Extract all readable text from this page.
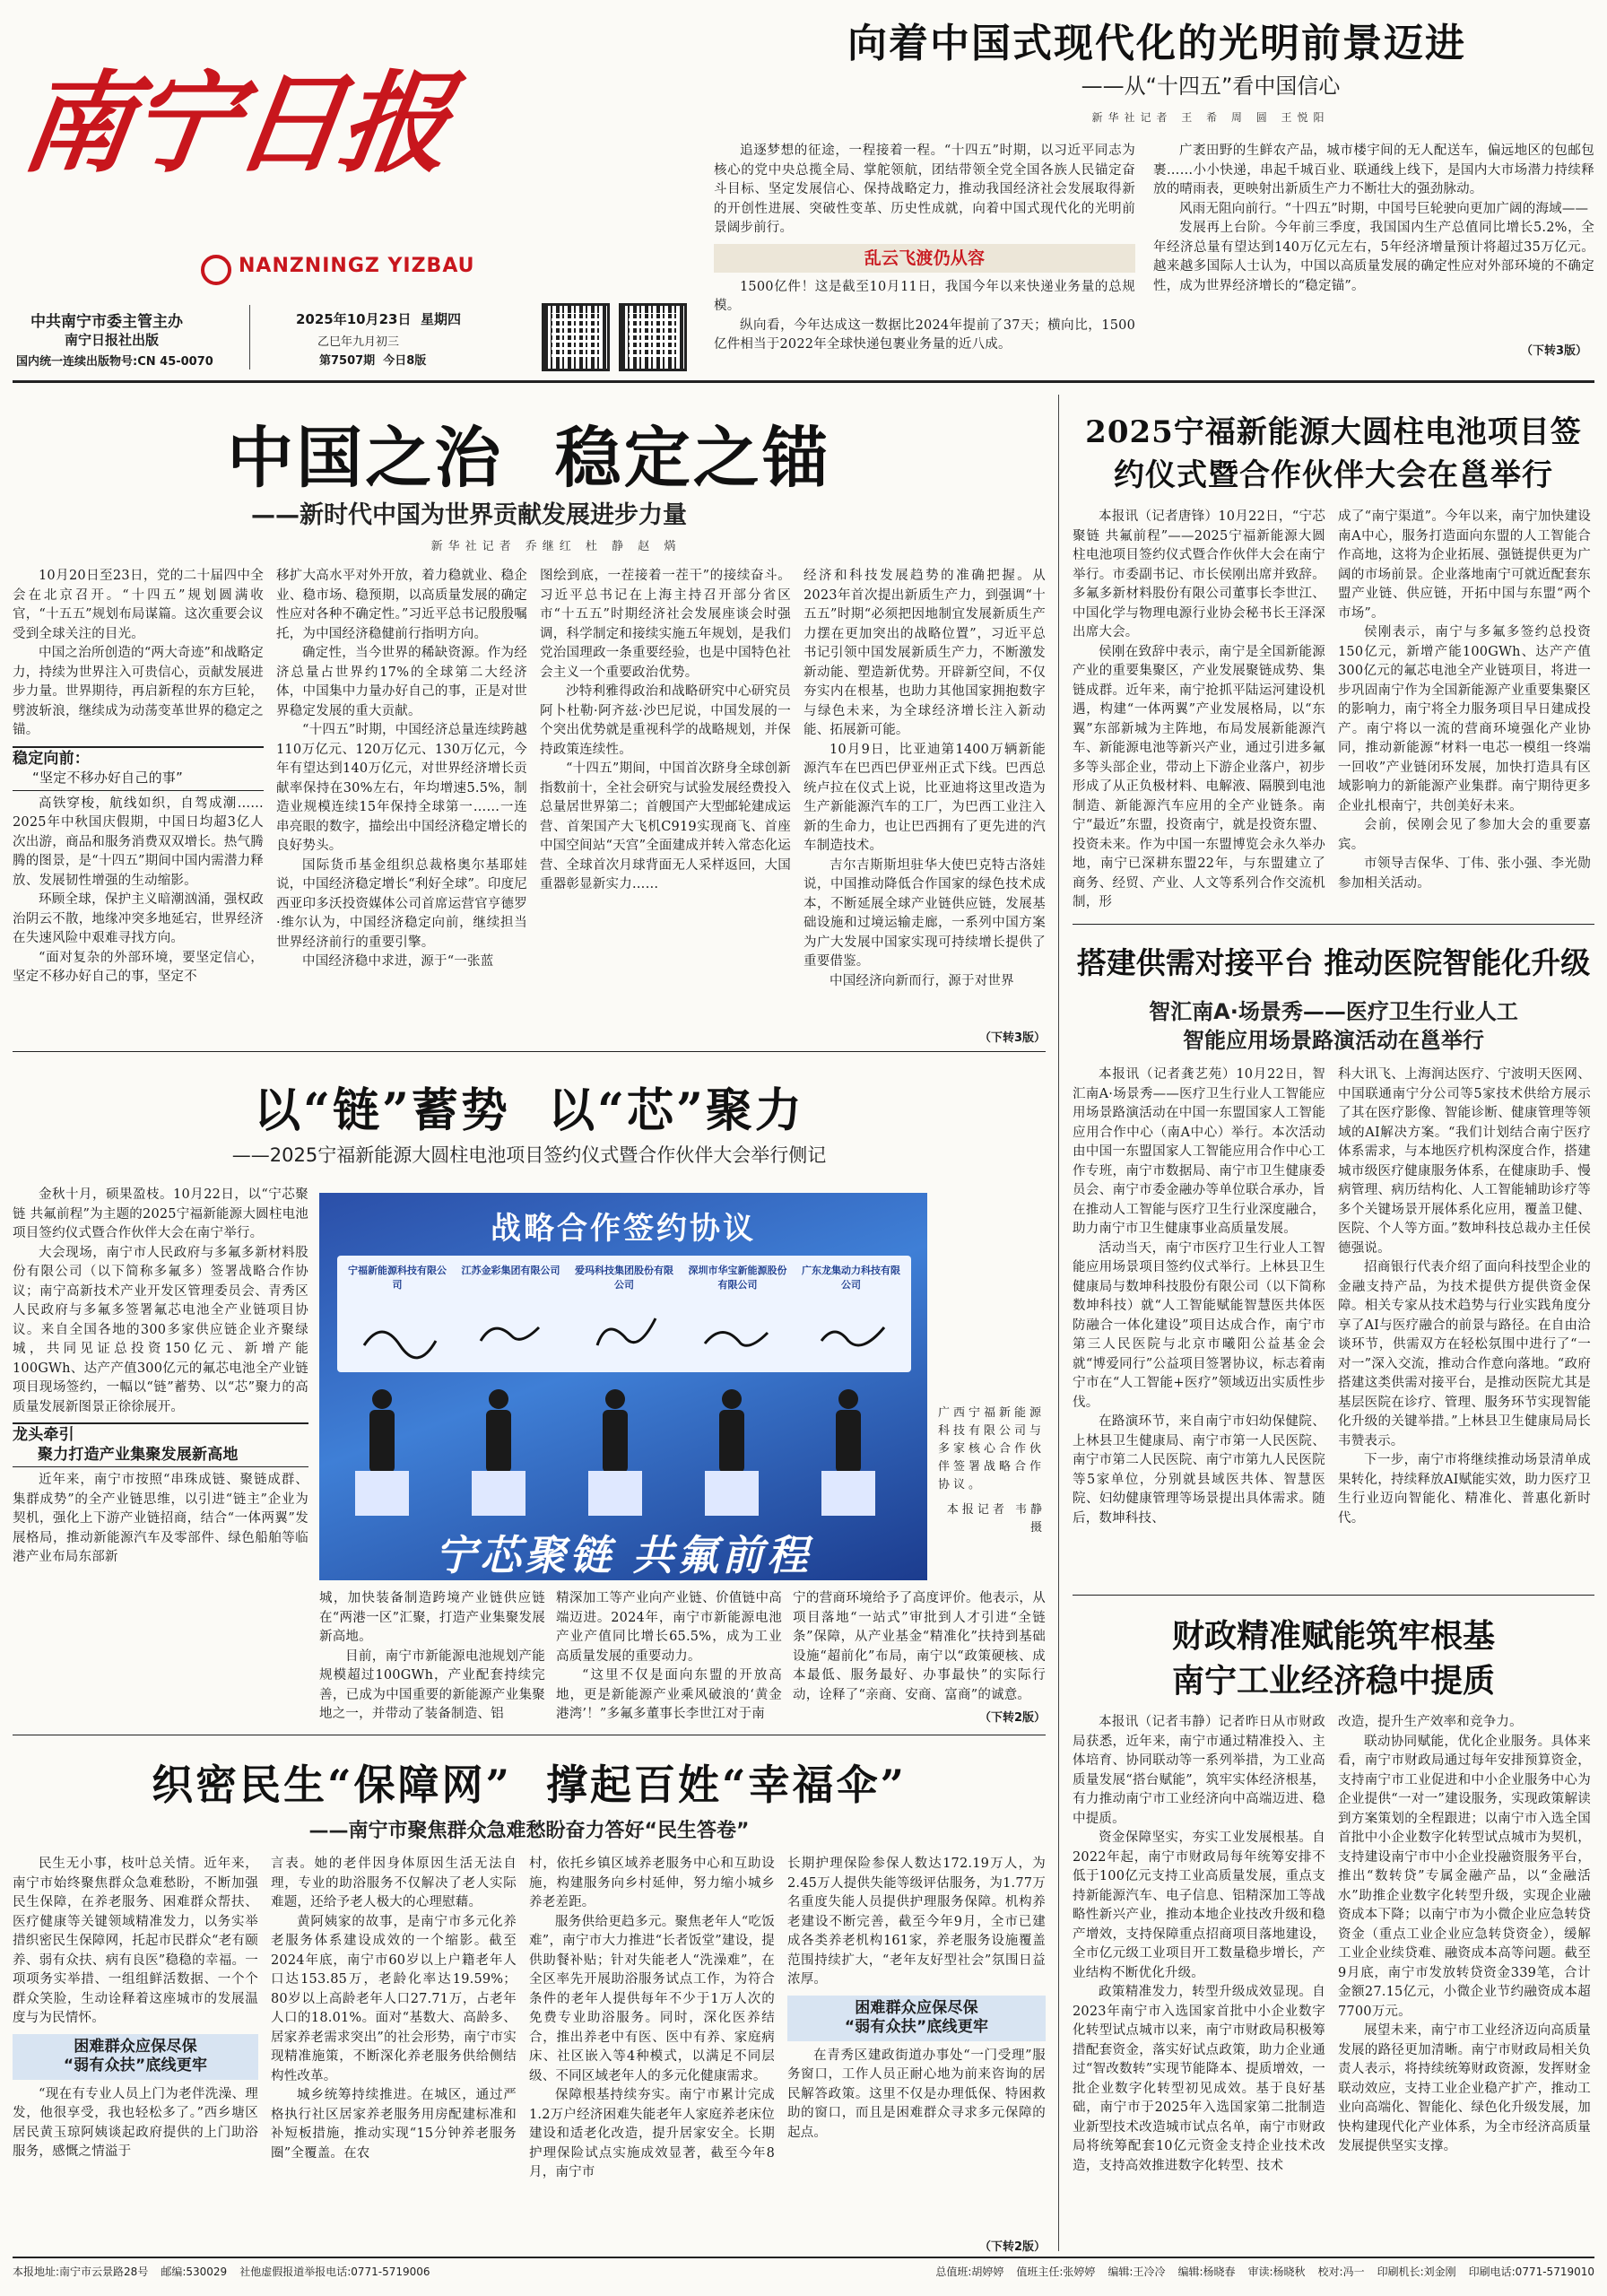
南宁日报
NANZNINGZ YIZBAU
中共南宁市委主管主办
南宁日报社出版
国内统一连续出版物号:CN 45-0070
2025年10月23日 星期四
乙巳年九月初三
第7507期 今日8版
向着中国式现代化的光明前景迈进
——从“十四五”看中国信心
新华社记者 王 希 周 圆 王悦阳

追逐梦想的征途，一程接着一程。“十四五”时期，以习近平同志为核心的党中央总揽全局、掌舵领航，团结带领全党全国各族人民锚定奋斗目标、坚定发展信心、保持战略定力，推动我国经济社会发展取得新的开创性进展、突破性变革、历史性成就，向着中国式现代化的光明前景阔步前行。

乱云飞渡仍从容

1500亿件！这是截至10月11日，我国今年以来快递业务量的总规模。

纵向看，今年达成这一数据比2024年提前了37天；横向比，1500亿件相当于2022年全球快递包裹业务量的近八成。

广袤田野的生鲜农产品，城市楼宇间的无人配送车，偏远地区的包邮包裹……小小快递，串起千城百业、联通线上线下，是国内大市场潜力持续释放的晴雨表，更映射出新质生产力不断壮大的强劲脉动。

风雨无阻向前行。“十四五”时期，中国号巨轮驶向更加广阔的海域——

发展再上台阶。今年前三季度，我国国内生产总值同比增长5.2%，全年经济总量有望达到140万亿元左右，5年经济增量预计将超过35万亿元。越来越多国际人士认为，中国以高质量发展的确定性应对外部环境的不确定性，成为世界经济增长的“稳定锚”。

（下转3版）
中国之治  稳定之锚
——新时代中国为世界贡献发展进步力量
新华社记者 乔继红 杜 静 赵 焫

10月20日至23日，党的二十届四中全会在北京召开。“十四五”规划圆满收官，“十五五”规划布局谋篇。这次重要会议受到全球关注的目光。

中国之治所创造的“两大奇迹”和战略定力，持续为世界注入可贵信心，贡献发展进步力量。世界期待，再启新程的东方巨轮，劈波斩浪，继续成为动荡变革世界的稳定之锚。

稳定向前：
“坚定不移办好自己的事”

高铁穿梭，航线如织，自驾成潮……2025年中秋国庆假期，中国日均超3亿人次出游，商品和服务消费双双增长。热气腾腾的图景，是“十四五”期间中国内需潜力释放、发展韧性增强的生动缩影。

环顾全球，保护主义暗潮汹涌，强权政治阴云不散，地缘冲突多地延宕，世界经济在失速风险中艰难寻找方向。

“面对复杂的外部环境，要坚定信心，坚定不移办好自己的事，坚定不

移扩大高水平对外开放，着力稳就业、稳企业、稳市场、稳预期，以高质量发展的确定性应对各种不确定性。”习近平总书记殷殷嘱托，为中国经济稳健前行指明方向。

确定性，当今世界的稀缺资源。作为经济总量占世界约17%的全球第二大经济体，中国集中力量办好自己的事，正是对世界稳定发展的重大贡献。

“十四五”时期，中国经济总量连续跨越110万亿元、120万亿元、130万亿元，今年有望达到140万亿元，对世界经济增长贡献率保持在30%左右，年均增速5.5%，制造业规模连续15年保持全球第一……一连串亮眼的数字，描绘出中国经济稳定增长的良好势头。

国际货币基金组织总裁格奥尔基耶娃说，中国经济稳定增长“利好全球”。印度尼西亚印多沃投资媒体公司首席运营官亨德罗·维尔认为，中国经济稳定向前，继续担当世界经济前行的重要引擎。

中国经济稳中求进，源于“一张蓝

图绘到底，一茬接着一茬干”的接续奋斗。习近平总书记在上海主持召开部分省区市“十五五”时期经济社会发展座谈会时强调，科学制定和接续实施五年规划，是我们党治国理政一条重要经验，也是中国特色社会主义一个重要政治优势。

沙特利雅得政治和战略研究中心研究员阿卜杜勒·阿齐兹·沙巴尼说，中国发展的一个突出优势就是重视科学的战略规划，并保持政策连续性。

“十四五”期间，中国首次跻身全球创新指数前十，全社会研究与试验发展经费投入总量居世界第二；首艘国产大型邮轮建成运营、首架国产大飞机C919实现商飞、首座中国空间站“天宫”全面建成并转入常态化运营、全球首次月球背面无人采样返回，大国重器彰显新实力……

经济和科技发展趋势的准确把握。从2023年首次提出新质生产力，到强调“十五五”时期“必须把因地制宜发展新质生产力摆在更加突出的战略位置”，习近平总书记引领中国发展新质生产力，不断激发新动能、塑造新优势。开辟新空间，不仅夯实内在根基，也助力其他国家拥抱数字与绿色未来，为全球经济增长注入新动能、拓展新可能。

10月9日，比亚迪第1400万辆新能源汽车在巴西巴伊亚州正式下线。巴西总统卢拉在仪式上说，比亚迪将这里改造为生产新能源汽车的工厂，为巴西工业注入新的生命力，也让巴西拥有了更先进的汽车制造技术。

吉尔吉斯斯坦驻华大使巴克特古洛娃说，中国推动降低合作国家的绿色技术成本，不断延展全球产业链供应链，发展基础设施和过境运输走廊，一系列中国方案为广大发展中国家实现可持续增长提供了重要借鉴。

中国经济向新而行，源于对世界

（下转3版）
2025宁福新能源大圆柱电池项目签约仪式暨合作伙伴大会在邕举行

本报讯（记者唐锋）10月22日，“宁芯聚链 共氟前程”——2025宁福新能源大圆柱电池项目签约仪式暨合作伙伴大会在南宁举行。市委副书记、市长侯刚出席并致辞。多氟多新材料股份有限公司董事长李世江、中国化学与物理电源行业协会秘书长王泽深出席大会。

侯刚在致辞中表示，南宁是全国新能源产业的重要集聚区，产业发展聚链成势、集链成群。近年来，南宁抢抓平陆运河建设机遇，构建“一体两翼”产业发展格局，以“东翼”东部新城为主阵地，布局发展新能源汽车、新能源电池等新兴产业，通过引进多氟多等头部企业，带动上下游企业落户，初步形成了从正负极材料、电解液、隔膜到电池制造、新能源汽车应用的全产业链条。南宁“最近”东盟，投资南宁，就是投资东盟、投资未来。作为中国一东盟博览会永久举办地，南宁已深耕东盟22年，与东盟建立了商务、经贸、产业、人文等系列合作交流机制，形

成了“南宁渠道”。今年以来，南宁加快建设南A中心，服务打造面向东盟的人工智能合作高地，这将为企业拓展、强链提供更为广阔的市场前景。企业落地南宁可就近配套东盟产业链、供应链，开拓中国与东盟“两个市场”。

侯刚表示，南宁与多氟多签约总投资150亿元，新增产能100GWh、达产产值300亿元的氟芯电池全产业链项目，将进一步巩固南宁作为全国新能源产业重要集聚区的影响力，南宁将全力服务项目早日建成投产。南宁将以一流的营商环境强化产业协同，推动新能源“材料一电芯一模组一终端一回收”产业链闭环发展，加快打造具有区域影响力的新能源产业集群。南宁期待更多企业扎根南宁，共创美好未来。

会前，侯刚会见了参加大会的重要嘉宾。

市领导吉保华、丁伟、张小强、李光勋参加相关活动。

搭建供需对接平台 推动医院智能化升级
智汇南A·场景秀——医疗卫生行业人工
智能应用场景路演活动在邕举行

本报讯（记者龚艺苑）10月22日，智汇南A·场景秀——医疗卫生行业人工智能应用场景路演活动在中国一东盟国家人工智能应用合作中心（南A中心）举行。本次活动由中国一东盟国家人工智能应用合作中心工作专班，南宁市数据局、南宁市卫生健康委员会、南宁市委金融办等单位联合承办，旨在推动人工智能与医疗卫生行业深度融合，助力南宁市卫生健康事业高质量发展。

活动当天，南宁市医疗卫生行业人工智能应用场景项目签约仪式举行。上林县卫生健康局与数坤科技股份有限公司（以下简称数坤科技）就“人工智能赋能智慧医共体医防融合一体化建设”项目达成合作，南宁市第三人民医院与北京市曦阳公益基金会就“博爱同行”公益项目签署协议，标志着南宁市在“人工智能+医疗”领域迈出实质性步伐。

在路演环节，来自南宁市妇幼保健院、上林县卫生健康局、南宁市第一人民医院、南宁市第二人民医院、南宁市第九人民医院等5家单位，分别就县域医共体、智慧医院、妇幼健康管理等场景提出具体需求。随后，数坤科技、

科大讯飞、上海润达医疗、宁波明天医网、中国联通南宁分公司等5家技术供给方展示了其在医疗影像、智能诊断、健康管理等领域的AI解决方案。“我们计划结合南宁医疗体系需求，与本地医疗机构深度合作，搭建城市级医疗健康服务体系，在健康助手、慢病管理、病历结构化、人工智能辅助诊疗等多个关键场景开展体系化应用，覆盖卫健、医院、个人等方面。”数坤科技总裁办主任侯德强说。

招商银行代表介绍了面向科技型企业的金融支持产品，为技术提供方提供资金保障。相关专家从技术趋势与行业实践角度分享了AI与医疗融合的前景与路径。在自由洽谈环节，供需双方在轻松氛围中进行了“一对一”深入交流，推动合作意向落地。“政府搭建这类供需对接平台，是推动医院尤其是基层医院在诊疗、管理、服务环节实现智能化升级的关键举措。”上林县卫生健康局局长韦赞表示。

下一步，南宁市将继续推动场景清单成果转化，持续释放AI赋能实效，助力医疗卫生行业迈向智能化、精准化、普惠化新时代。

财政精准赋能筑牢根基
南宁工业经济稳中提质

本报讯（记者韦静）记者昨日从市财政局获悉，近年来，南宁市通过精准投入、主体培育、协同联动等一系列举措，为工业高质量发展“搭台赋能”，筑牢实体经济根基，有力推动南宁市工业经济向中高端迈进、稳中提质。

资金保障坚实，夯实工业发展根基。自2022年起，南宁市财政局每年统筹安排不低于100亿元支持工业高质量发展，重点支持新能源汽车、电子信息、铝精深加工等战略性新兴产业，推动本地企业技改升级和稳产增效，支持保障重点招商项目落地建设，全市亿元级工业项目开工数量稳步增长，产业结构不断优化升级。

政策精准发力，转型升级成效显现。自2023年南宁市入选国家首批中小企业数字化转型试点城市以来，南宁市财政局积极筹措配套资金，落实好试点政策，助力企业通过“智改数转”实现节能降本、提质增效，一批企业数字化转型初见成效。基于良好基础，南宁市于2025年入选国家第二批制造业新型技术改造城市试点名单，南宁市财政局将统筹配套10亿元资金支持企业技术改造，支持高效推进数字化转型、技术

改造，提升生产效率和竞争力。

联动协同赋能，优化企业服务。具体来看，南宁市财政局通过每年安排预算资金，支持南宁市工业促进和中小企业服务中心为企业提供“一对一”建设服务，实现政策解读到方案策划的全程跟进；以南宁市入选全国首批中小企业数字化转型试点城市为契机，支持建设南宁市中小企业投融资服务平台，推出“数转贷”专属金融产品，以“金融活水”助推企业数字化转型升级，实现企业融资成本下降；以南宁市为小微企业应急转贷资金（重点工业企业应急转贷资金），缓解工业企业续贷难、融资成本高等问题。截至9月底，南宁市发放转贷资金339笔，合计金额27.15亿元，小微企业节约融资成本超7700万元。

展望未来，南宁市工业经济迈向高质量发展的路径更加清晰。南宁市财政局相关负责人表示，将持续统筹财政资源，发挥财金联动效应，支持工业企业稳产扩产，推动工业向高端化、智能化、绿色化升级发展，加快构建现代化产业体系，为全市经济高质量发展提供坚实支撑。

以“链”蓄势  以“芯”聚力
——2025宁福新能源大圆柱电池项目签约仪式暨合作伙伴大会举行侧记

金秋十月，硕果盈枝。10月22日，以“宁芯聚链 共氟前程”为主题的2025宁福新能源大圆柱电池项目签约仪式暨合作伙伴大会在南宁举行。

大会现场，南宁市人民政府与多氟多新材料股份有限公司（以下简称多氟多）签署战略合作协议；南宁高新技术产业开发区管理委员会、青秀区人民政府与多氟多签署氟芯电池全产业链项目协议。来自全国各地的300多家供应链企业齐聚绿城，共同见证总投资150亿元、新增产能100GWh、达产产值300亿元的氟芯电池全产业链项目现场签约，一幅以“链”蓄势、以“芯”聚力的高质量发展新图景正徐徐展开。

龙头牵引
聚力打造产业集聚发展新高地

近年来，南宁市按照“串珠成链、聚链成群、集群成势”的全产业链思维，以引进“链主”企业为契机，强化上下游产业链招商，结合“一体两翼”发展格局，推动新能源汽车及零部件、绿色船舶等临港产业布局东部新

战略合作签约协议
宁福新能源科技有限公司
江苏金彩集团有限公司	爱玛科技集团股份有限公司
深圳市华宝新能源股份有限公司
广东龙集动力科技有限公司
宁芯聚链 共氟前程
广西宁福新能源科技有限公司与多家核心合作伙伴签署战略合作协议。
本报记者 韦静 摄

城，加快装备制造跨境产业链供应链在“两港一区”汇聚，打造产业集聚发展新高地。

目前，南宁市新能源电池规划产能规模超过100GWh，产业配套持续完善，已成为中国重要的新能源产业集聚地之一，并带动了装备制造、铝

精深加工等产业向产业链、价值链中高端迈进。2024年，南宁市新能源电池产业产值同比增长65.5%，成为工业高质量发展的重要动力。

“这里不仅是面向东盟的开放高地，更是新能源产业乘风破浪的‘黄金港湾’！”多氟多董事长李世江对于南

宁的营商环境给予了高度评价。他表示，从项目落地“一站式”审批到人才引进“全链条”保障，从产业基金“精准化”扶持到基础设施“超前化”布局，南宁以“政策硬核、成本最低、服务最好、办事最快”的实际行动，诠释了“亲商、安商、富商”的诚意。

（下转2版）
织密民生“保障网”  撑起百姓“幸福伞”
——南宁市聚焦群众急难愁盼奋力答好“民生答卷”

民生无小事，枝叶总关情。近年来，南宁市始终聚焦群众急难愁盼，不断加强民生保障，在养老服务、困难群众帮扶、医疗健康等关键领域精准发力，以务实举措织密民生保障网，托起市民群众“老有颐养、弱有众扶、病有良医”稳稳的幸福。一项项务实举措、一组组鲜活数据、一个个群众笑脸，生动诠释着这座城市的发展温度与为民情怀。

困难群众应保尽保
“弱有众扶”底线更牢

“现在有专业人员上门为老伴洗澡、理发，他很享受，我也轻松多了。”西乡塘区居民黄玉琼阿姨谈起政府提供的上门助浴服务，感慨之情溢于

言表。她的老伴因身体原因生活无法自理，专业的助浴服务不仅解决了老人实际难题，还给予老人极大的心理慰藉。

黄阿姨家的故事，是南宁市多元化养老服务体系建设成效的一个缩影。截至2024年底，南宁市60岁以上户籍老年人口达153.85万，老龄化率达19.59%；80岁以上高龄老年人口27.71万，占老年人口的18.01%。面对“基数大、高龄多、居家养老需求突出”的社会形势，南宁市实现精准施策，不断深化养老服务供给侧结构性改革。

城乡统筹持续推进。在城区，通过严格执行社区居家养老服务用房配建标准和补短板措施，推动实现“15分钟养老服务圈”全覆盖。在农

村，依托乡镇区域养老服务中心和互助设施，构建服务向乡村延伸，努力缩小城乡养老差距。

服务供给更趋多元。聚焦老年人“吃饭难”，南宁市大力推进“长者饭堂”建设，提供助餐补贴；针对失能老人“洗澡难”，在全区率先开展助浴服务试点工作，为符合条件的老年人提供每年不少于1万人次的免费专业助浴服务。同时，深化医养结合，推出养老中有医、医中有养、家庭病床、社区嵌入等4种模式，以满足不同层级、不同区域老年人的多元化健康需求。

保障根基持续夯实。南宁市累计完成1.2万户经济困难失能老年人家庭养老床位建设和适老化改造，提升居家安全。长期护理保险试点实施成效显著，截至今年8月，南宁市

长期护理保险参保人数达172.19万人，为2.45万人提供失能等级评估服务，为1.77万名重度失能人员提供护理服务保障。机构养老建设不断完善，截至今年9月，全市已建成各类养老机构161家，养老服务设施覆盖范围持续扩大，“老年友好型社会”氛围日益浓厚。

困难群众应保尽保
“弱有众扶”底线更牢

在青秀区建政街道办事处“一门受理”服务窗口，工作人员正耐心地为前来咨询的居民解答政策。这里不仅是办理低保、特困救助的窗口，而且是困难群众寻求多元保障的起点。

（下转2版）
本报地址:南宁市云景路28号 邮编:530029 社他虚假报道举报电话:0771-5719006	总值班:胡婷婷 值班主任:张婷婷 编辑:王冷冷 编辑:杨晓春 审读:杨晓秋 校对:冯一 印刷机长:刘金刚 印刷电话:0771-5719010
